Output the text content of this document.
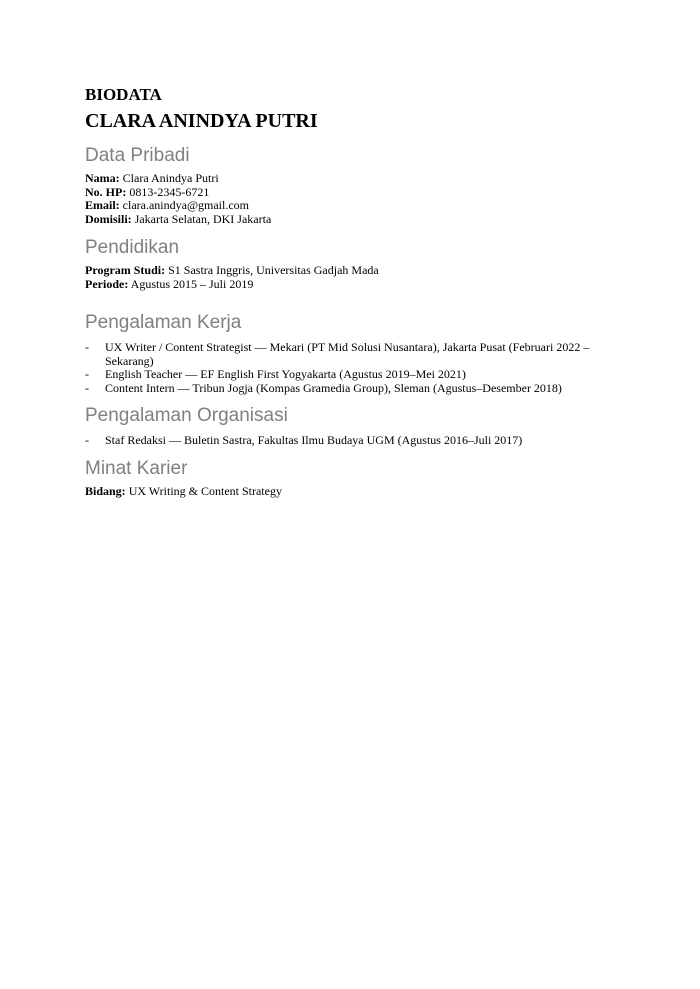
BIODATA
CLARA ANINDYA PUTRI
Data Pribadi

Nama: Clara Anindya Putri

No. HP: 0813-2345-6721

Email: clara.anindya@gmail.com

Domisili: Jakarta Selatan, DKI Jakarta

Pendidikan

Program Studi: S1 Sastra Inggris, Universitas Gadjah Mada

Periode: Agustus 2015 – Juli 2019

Pengalaman Kerja
- UX Writer / Content Strategist — Mekari (PT Mid Solusi Nusantara), Jakarta Pusat (Februari 2022 – Sekarang)
- English Teacher — EF English First Yogyakarta (Agustus 2019–Mei 2021)
- Content Intern — Tribun Jogja (Kompas Gramedia Group), Sleman (Agustus–Desember 2018)
Pengalaman Organisasi
- Staf Redaksi — Buletin Sastra, Fakultas Ilmu Budaya UGM (Agustus 2016–Juli 2017)
Minat Karier

Bidang: UX Writing & Content Strategy
